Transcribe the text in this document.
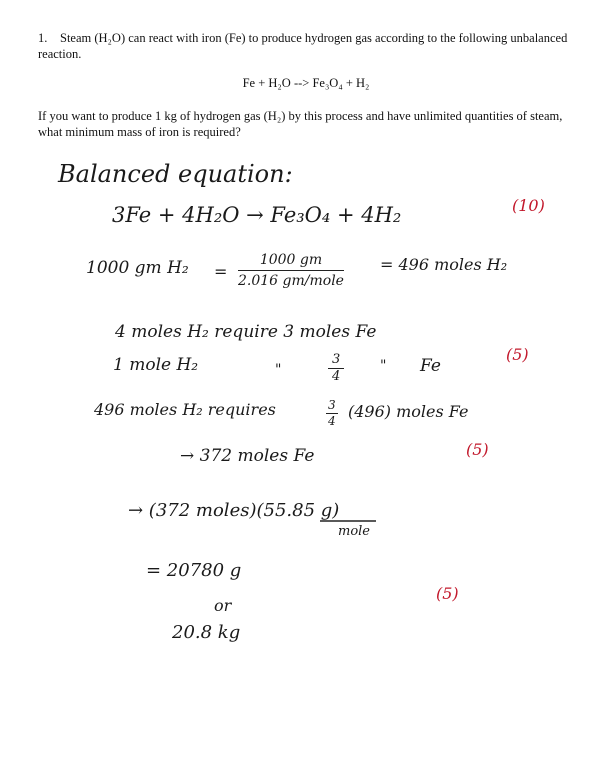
1. Steam (H₂O) can react with iron (Fe) to produce hydrogen gas according to the following unbalanced reaction.
Fe + H₂O --> Fe₃O₄ + H₂
If you want to produce 1 kg of hydrogen gas (H₂) by this process and have unlimited quantities of steam, what minimum mass of iron is required?
Balanced equation:
3Fe + 4H₂O → Fe₃O₄ + 4H₂	(10)
1000 gm H₂ =
1000 gm
2.016 gm/mole
= 496 moles H₂
4 moles H₂ require 3 moles Fe
1 mole H₂	"	$\frac{3}{4}$	" Fe
(5)
496 moles H₂ requires	$\frac{3}{4} (496)$ moles Fe
→ 372 moles Fe	(5)
→ (372 moles)(55.85 g)
mole
= 20780 g
or
(5)
20.8 kg
